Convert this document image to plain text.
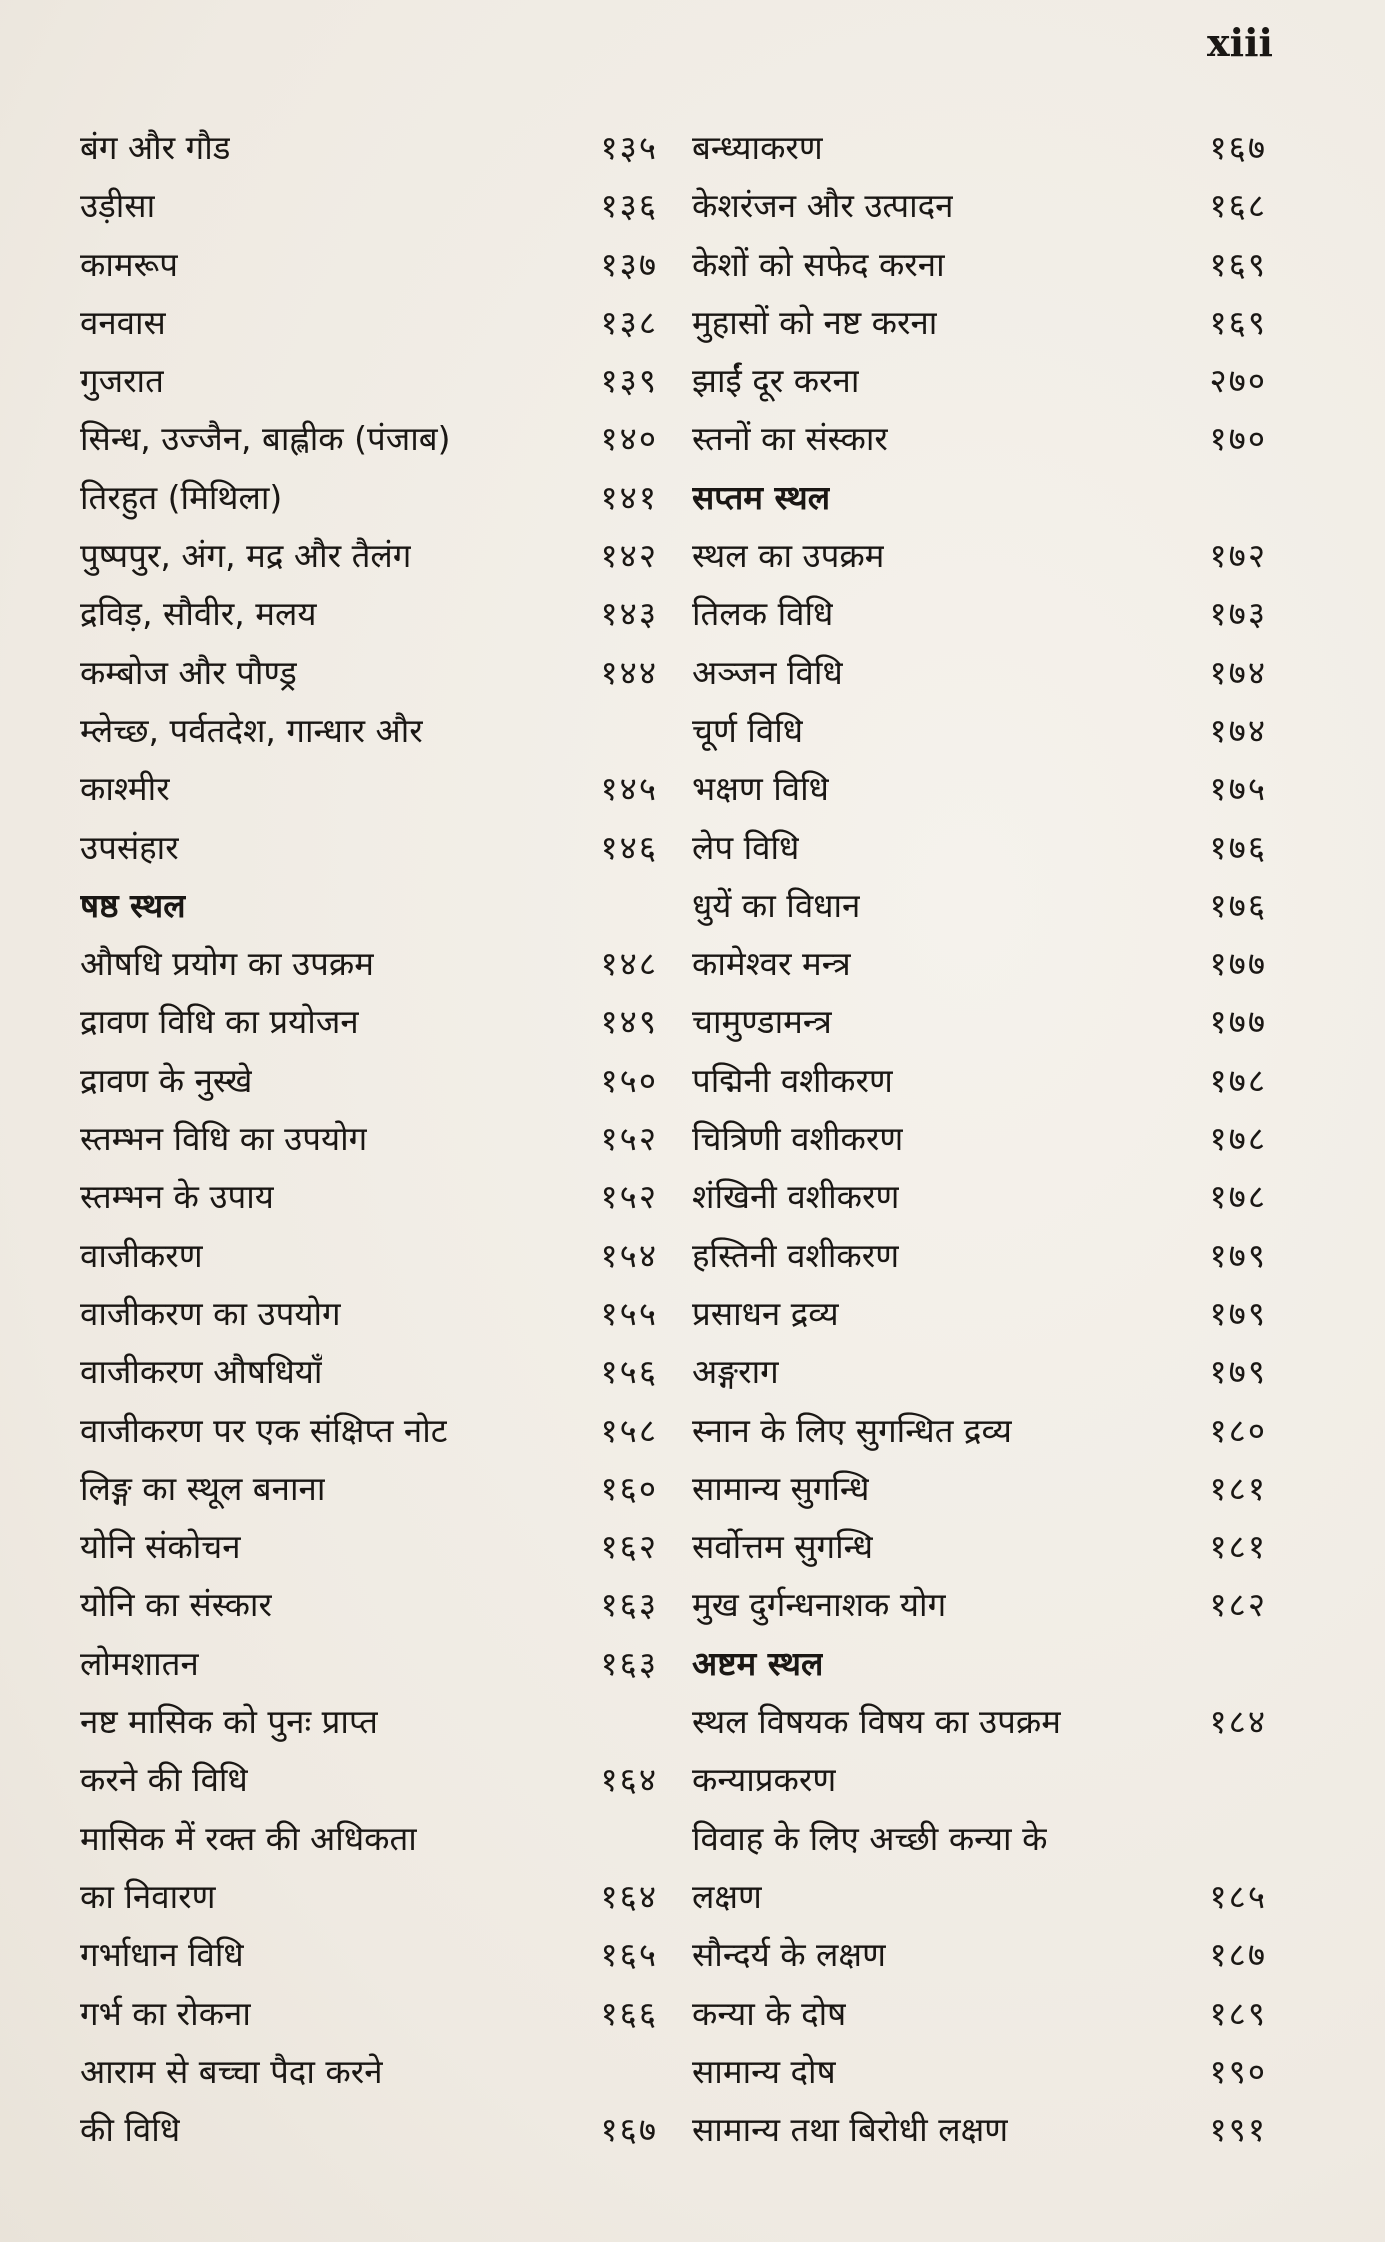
xiii
बंग और गौड	१३५
उड़ीसा	१३६
कामरूप	१३७
वनवास	१३८
गुजरात	१३९
सिन्ध, उज्जैन, बाह्लीक (पंजाब)	१४०
तिरहुत (मिथिला)	१४१
पुष्पपुर, अंग, मद्र और तैलंग	१४२
द्रविड़, सौवीर, मलय	१४३
कम्बोज और पौण्ड्र	१४४
म्लेच्छ, पर्वतदेश, गान्धार और
काश्मीर	१४५
उपसंहार	१४६
षष्ठ स्थल
औषधि प्रयोग का उपक्रम	१४८
द्रावण विधि का प्रयोजन	१४९
द्रावण के नुस्खे	१५०
स्तम्भन विधि का उपयोग	१५२
स्तम्भन के उपाय	१५२
वाजीकरण	१५४
वाजीकरण का उपयोग	१५५
वाजीकरण औषधियाँ	१५६
वाजीकरण पर एक संक्षिप्त नोट	१५८
लिङ्ग का स्थूल बनाना	१६०
योनि संकोचन	१६२
योनि का संस्कार	१६३
लोमशातन	१६३
नष्ट मासिक को पुनः प्राप्त
करने की विधि	१६४
मासिक में रक्त की अधिकता
का निवारण	१६४
गर्भाधान विधि	१६५
गर्भ का रोकना	१६६
आराम से बच्चा पैदा करने
की विधि	१६७
बन्ध्याकरण	१६७
केशरंजन और उत्पादन	१६८
केशों को सफेद करना	१६९
मुहासों को नष्ट करना	१६९
झाईं दूर करना	२७०
स्तनों का संस्कार	१७०
सप्तम स्थल
स्थल का उपक्रम	१७२
तिलक विधि	१७३
अञ्जन विधि	१७४
चूर्ण विधि	१७४
भक्षण विधि	१७५
लेप विधि	१७६
धुयें का विधान	१७६
कामेश्वर मन्त्र	१७७
चामुण्डामन्त्र	१७७
पद्मिनी वशीकरण	१७८
चित्रिणी वशीकरण	१७८
शंखिनी वशीकरण	१७८
हस्तिनी वशीकरण	१७९
प्रसाधन द्रव्य	१७९
अङ्गराग	१७९
स्नान के लिए सुगन्धित द्रव्य	१८०
सामान्य सुगन्धि	१८१
सर्वोत्तम सुगन्धि	१८१
मुख दुर्गन्धनाशक योग	१८२
अष्टम स्थल
स्थल विषयक विषय का उपक्रम	१८४
कन्याप्रकरण
विवाह के लिए अच्छी कन्या के
लक्षण	१८५
सौन्दर्य के लक्षण	१८७
कन्या के दोष	१८९
सामान्य दोष	१९०
सामान्य तथा बिरोधी लक्षण	१९१
